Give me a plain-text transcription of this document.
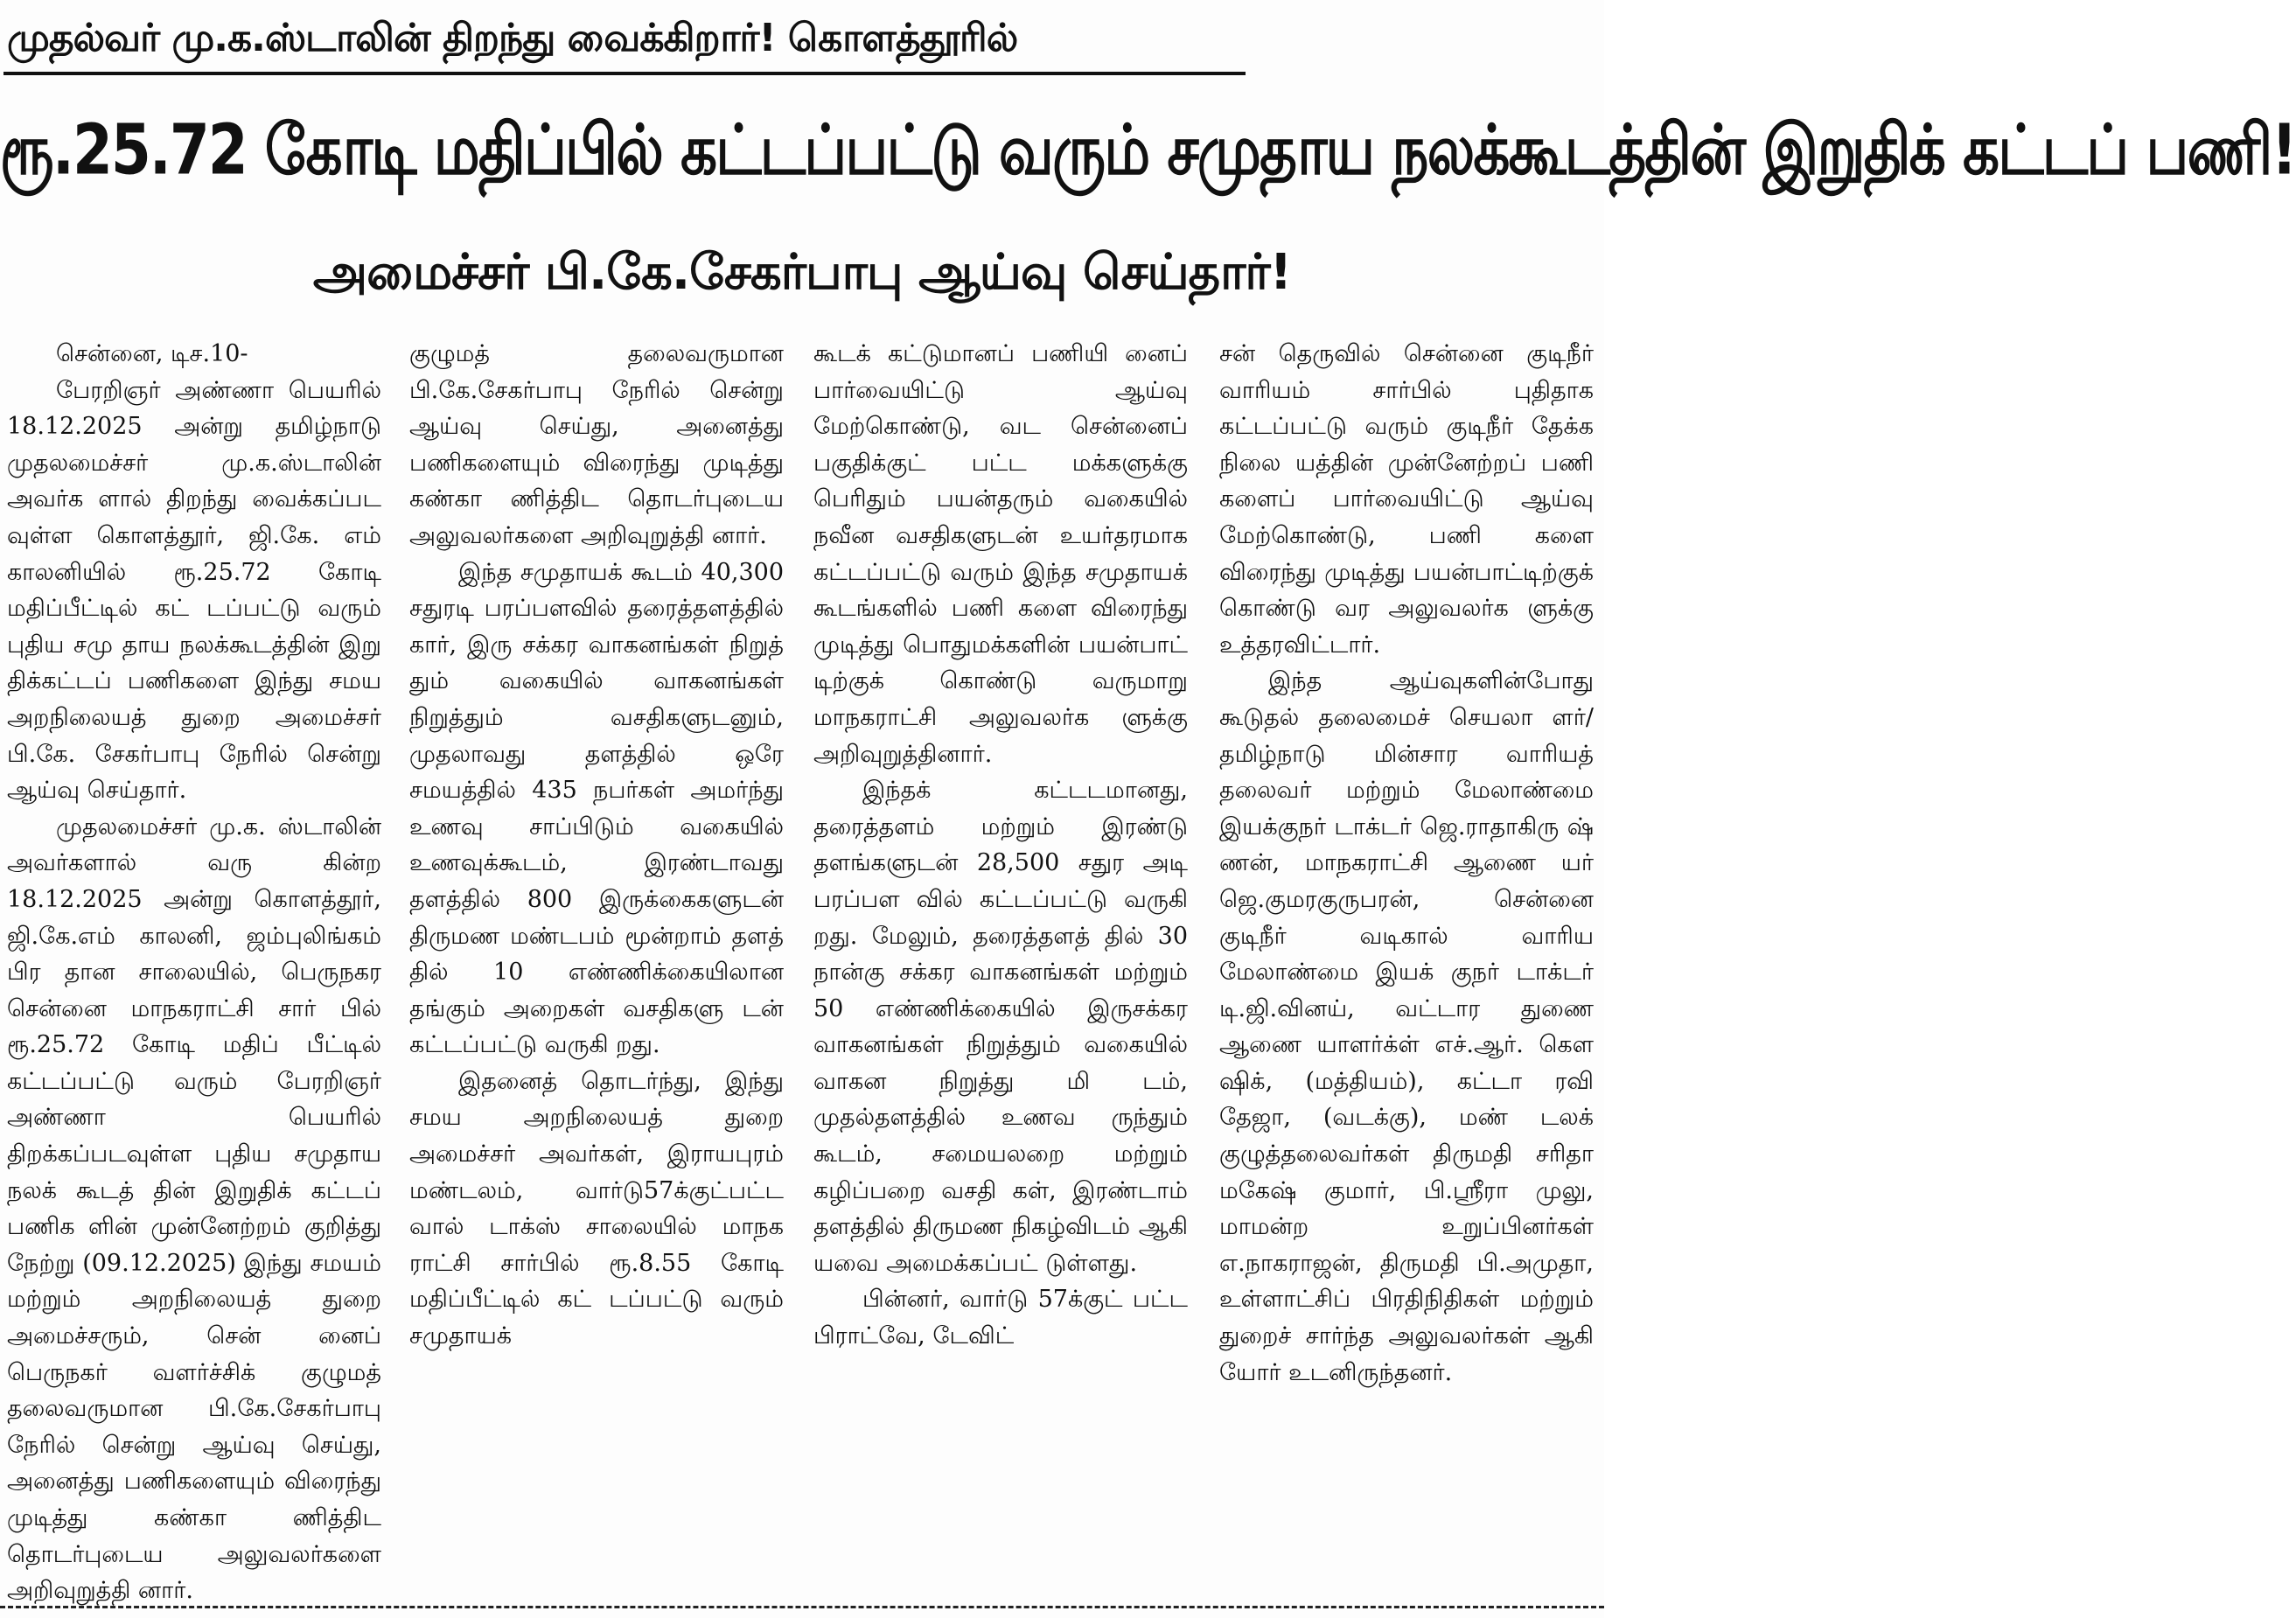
முதல்வர் மு.க.ஸ்டாலின் திறந்து வைக்கிறார்! கொளத்தூரில்
ரூ.25.72 கோடி மதிப்பில் கட்டப்பட்டு வரும் சமுதாய நலக்கூடத்தின் இறுதிக் கட்டப் பணி!
அமைச்சர் பி.கே.சேகர்பாபு ஆய்வு செய்தார்!

சென்னை, டிச.10-

பேரறிஞர் அண்ணா பெயரில் 18.12.2025 அன்று தமிழ்நாடு முதலமைச்சர் மு.க.ஸ்டாலின் அவர்க ளால் திறந்து வைக்கப்பட வுள்ள கொளத்தூர், ஜி.கே. எம் காலனியில் ரூ.25.72 கோடி மதிப்பீட்டில் கட் டப்பட்டு வரும் புதிய சமு தாய நலக்கூடத்தின் இறு திக்கட்டப் பணிகளை இந்து சமய அறநிலையத் துறை அமைச்சர் பி.கே. சேகர்பாபு நேரில் சென்று ஆய்வு செய்தார்.

முதலமைச்சர் மு.க. ஸ்டாலின் அவர்களால் வரு கின்ற 18.12.2025 அன்று கொளத்தூர், ஜி.கே.எம் காலனி, ஜம்புலிங்கம் பிர தான சாலையில், பெருநகர சென்னை மாநகராட்சி சார் பில் ரூ.25.72 கோடி மதிப் பீட்டில் கட்டப்பட்டு வரும் பேரறிஞர் அண்ணா பெயரில் திறக்கப்படவுள்ள புதிய சமுதாய நலக் கூடத் தின் இறுதிக் கட்டப் பணிக ளின் முன்னேற்றம் குறித்து நேற்று (09.12.2025) இந்து சமயம் மற்றும் அறநிலையத் துறை அமைச்சரும், சென் னைப் பெருநகர் வளர்ச்சிக் குழுமத் தலைவருமான பி.கே.சேகர்பாபு நேரில் சென்று ஆய்வு செய்து, அனைத்து பணிகளையும் விரைந்து முடித்து கண்கா ணித்திட தொடர்புடைய அலுவலர்களை அறிவுறுத்தி னார்.

குழுமத் தலைவருமான பி.கே.சேகர்பாபு நேரில் சென்று ஆய்வு செய்து, அனைத்து பணிகளையும் விரைந்து முடித்து கண்கா ணித்திட தொடர்புடைய அலுவலர்களை அறிவுறுத்தி னார்.

இந்த சமுதாயக் கூடம் 40,300 சதுரடி பரப்பளவில் தரைத்தளத்தில் கார், இரு சக்கர வாகனங்கள் நிறுத் தும் வகையில் வாகனங்கள் நிறுத்தும் வசதிகளுடனும், முதலாவது தளத்தில் ஒரே சமயத்தில் 435 நபர்கள் அமர்ந்து உணவு சாப்பிடும் வகையில் உணவுக்கூடம், இரண்டாவது தளத்தில் 800 இருக்கைகளுடன் திருமண மண்டபம் மூன்றாம் தளத் தில் 10 எண்ணிக்கையிலான தங்கும் அறைகள் வசதிகளு டன் கட்டப்பட்டு வருகி றது.

இதனைத் தொடர்ந்து, இந்து சமய அறநிலையத் துறை அமைச்சர் அவர்கள், இராயபுரம் மண்டலம், வார்டு57க்குட்பட்ட வால் டாக்ஸ் சாலையில் மாநக ராட்சி சார்பில் ரூ.8.55 கோடி மதிப்பீட்டில் கட் டப்பட்டு வரும் சமுதாயக்

கூடக் கட்டுமானப் பணியி னைப் பார்வையிட்டு ஆய்வு மேற்கொண்டு, வட சென்னைப் பகுதிக்குட் பட்ட மக்களுக்கு பெரிதும் பயன்தரும் வகையில் நவீன வசதிகளுடன் உயர்தரமாக கட்டப்பட்டு வரும் இந்த சமுதாயக் கூடங்களில் பணி களை விரைந்து முடித்து பொதுமக்களின் பயன்பாட் டிற்குக் கொண்டு வருமாறு மாநகராட்சி அலுவலர்க ளுக்கு அறிவுறுத்தினார்.

இந்தக் கட்டடமானது, தரைத்தளம் மற்றும் இரண்டு தளங்களுடன் 28,500 சதுர அடி பரப்பள வில் கட்டப்பட்டு வருகி றது. மேலும், தரைத்தளத் தில் 30 நான்கு சக்கர வாகனங்கள் மற்றும் 50 எண்ணிக்கையில் இருசக்கர வாகனங்கள் நிறுத்தும் வகையில் வாகன நிறுத்து மி டம், முதல்தளத்தில் உணவ ருந்தும் கூடம், சமையலறை மற்றும் கழிப்பறை வசதி கள், இரண்டாம் தளத்தில் திருமண நிகழ்விடம் ஆகி யவை அமைக்கப்பட் டுள்ளது.

பின்னர், வார்டு 57க்குட் பட்ட பிராட்வே, டேவிட்

சன் தெருவில் சென்னை குடிநீர் வாரியம் சார்பில் புதிதாக கட்டப்பட்டு வரும் குடிநீர் தேக்க நிலை யத்தின் முன்னேற்றப் பணி களைப் பார்வையிட்டு ஆய்வு மேற்கொண்டு, பணி களை விரைந்து முடித்து பயன்பாட்டிற்குக் கொண்டு வர அலுவலர்க ளுக்கு உத்தரவிட்டார்.

இந்த ஆய்வுகளின்போது கூடுதல் தலைமைச் செயலா ளர்/தமிழ்நாடு மின்சார வாரியத் தலைவர் மற்றும் மேலாண்மை இயக்குநர் டாக்டர் ஜெ.ராதாகிரு ஷ் ணன், மாநகராட்சி ஆணை யர் ஜெ.குமரகுருபரன், சென்னை குடிநீர் வடிகால் வாரிய மேலாண்மை இயக் குநர் டாக்டர் டி.ஜி.வினய், வட்டார துணை ஆணை யாளர்க்ள் எச்.ஆர். கௌ ஷிக், (மத்தியம்), கட்டா ரவி தேஜா, (வடக்கு), மண் டலக் குழுத்தலைவர்கள் திருமதி சரிதா மகேஷ் குமார், பி.ஸ்ரீரா முலு, மாமன்ற உறுப்பினர்கள் எ.நாகராஜன், திருமதி பி.அமுதா, உள்ளாட்சிப் பிரதிநிதிகள் மற்றும் துறைச் சார்ந்த அலுவலர்கள் ஆகி யோர் உடனிருந்தனர்.
